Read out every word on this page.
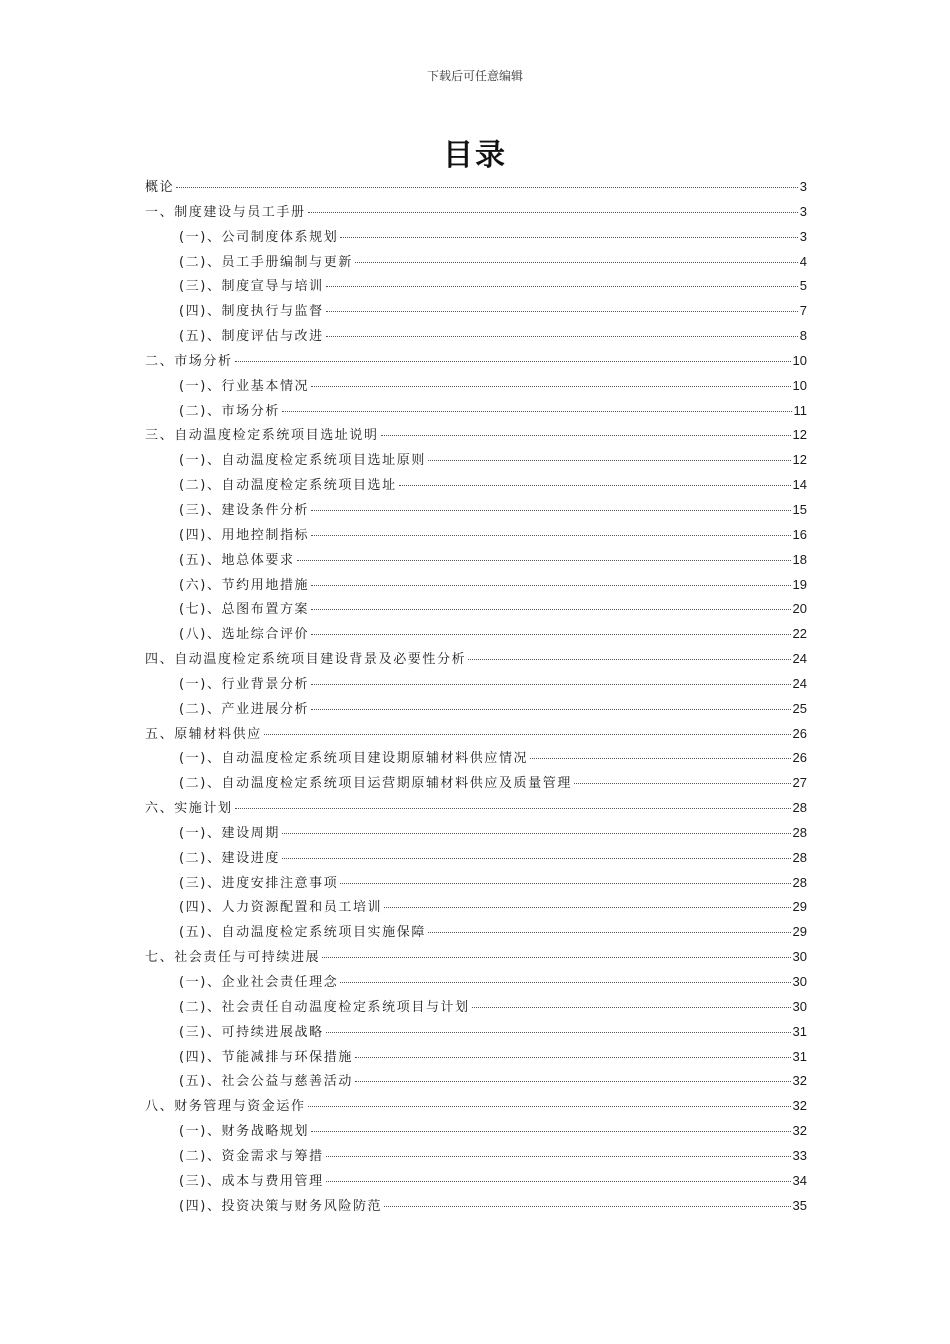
下载后可任意编辑
目录
概论	3
一、制度建设与员工手册	3
(一)、公司制度体系规划	3
(二)、员工手册编制与更新	4
(三)、制度宣导与培训	5
(四)、制度执行与监督	7
(五)、制度评估与改进	8
二、市场分析	10
(一)、行业基本情况	10
(二)、市场分析	11
三、自动温度检定系统项目选址说明	12
(一)、自动温度检定系统项目选址原则	12
(二)、自动温度检定系统项目选址	14
(三)、建设条件分析	15
(四)、用地控制指标	16
(五)、地总体要求	18
(六)、节约用地措施	19
(七)、总图布置方案	20
(八)、选址综合评价	22
四、自动温度检定系统项目建设背景及必要性分析	24
(一)、行业背景分析	24
(二)、产业进展分析	25
五、原辅材料供应	26
(一)、自动温度检定系统项目建设期原辅材料供应情况	26
(二)、自动温度检定系统项目运营期原辅材料供应及质量管理	27
六、实施计划	28
(一)、建设周期	28
(二)、建设进度	28
(三)、进度安排注意事项	28
(四)、人力资源配置和员工培训	29
(五)、自动温度检定系统项目实施保障	29
七、社会责任与可持续进展	30
(一)、企业社会责任理念	30
(二)、社会责任自动温度检定系统项目与计划	30
(三)、可持续进展战略	31
(四)、节能减排与环保措施	31
(五)、社会公益与慈善活动	32
八、财务管理与资金运作	32
(一)、财务战略规划	32
(二)、资金需求与筹措	33
(三)、成本与费用管理	34
(四)、投资决策与财务风险防范	35
